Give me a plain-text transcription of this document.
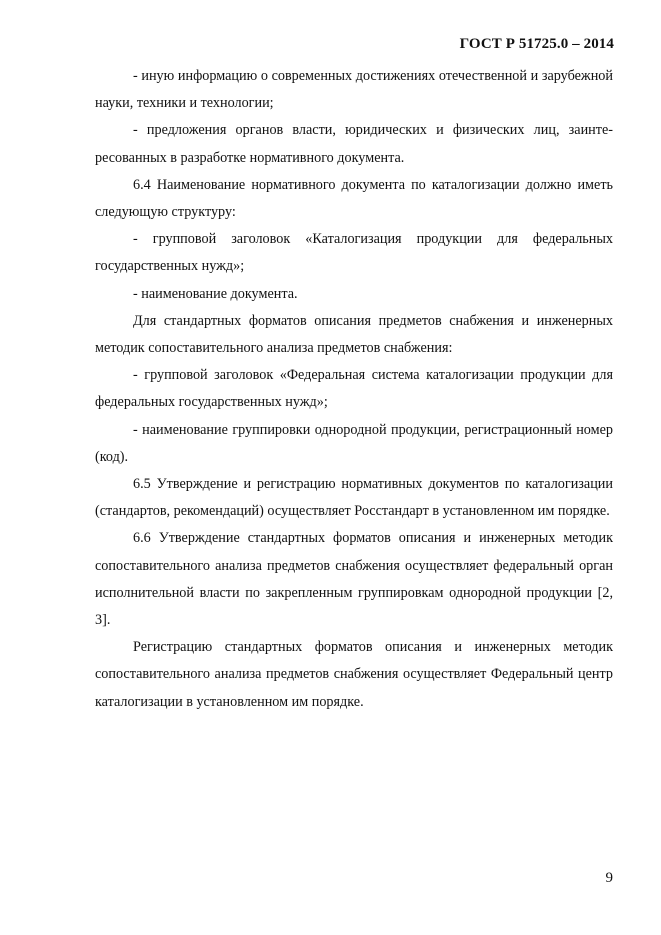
ГОСТ Р 51725.0 – 2014

- иную информацию о современных достижениях отечественной и зарубежной науки, техники и технологии;

- предложения органов власти, юридических и физических лиц, заинтересованных в разработке нормативного документа.

6.4 Наименование нормативного документа по каталогизации должно иметь следующую структуру:

- групповой заголовок «Каталогизация продукции для федеральных государственных нужд»;

- наименование документа.

Для стандартных форматов описания предметов снабжения и инженерных методик сопоставительного анализа предметов снабжения:

- групповой заголовок «Федеральная система каталогизации продукции для федеральных государственных нужд»;

- наименование группировки однородной продукции, регистрационный номер (код).

6.5 Утверждение и регистрацию нормативных документов по каталогизации (стандартов, рекомендаций) осуществляет Росстандарт в установленном им порядке.

6.6 Утверждение стандартных форматов описания и инженерных методик сопоставительного анализа предметов снабжения осуществляет федеральный орган исполнительной власти по закрепленным группировкам однородной продукции [2, 3].

Регистрацию стандартных форматов описания и инженерных методик сопоставительного анализа предметов снабжения осуществляет Федеральный центр каталогизации в установленном им порядке.

9
